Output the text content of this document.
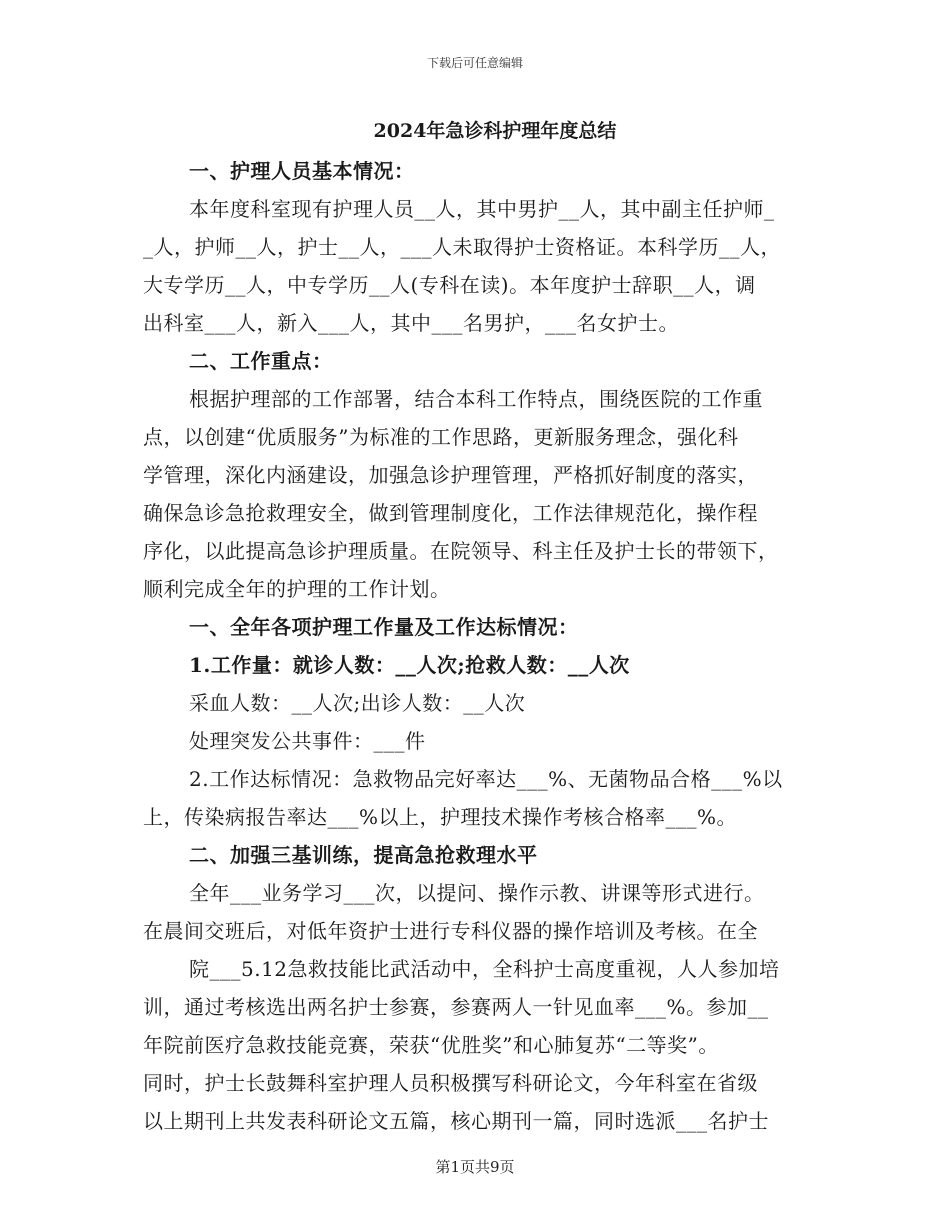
下载后可任意编辑
2024年急诊科护理年度总结
一、护理人员基本情况：
本年度科室现有护理人员__人，其中男护__人，其中副主任护师_
_人，护师__人，护士__人，___人未取得护士资格证。本科学历__人，
大专学历__人，中专学历__人(专科在读)。本年度护士辞职__人，调
出科室___人，新入___人，其中___名男护，___名女护士。
二、工作重点：
根据护理部的工作部署，结合本科工作特点，围绕医院的工作重
点，以创建“优质服务”为标准的工作思路，更新服务理念，强化科
学管理，深化内涵建设，加强急诊护理管理，严格抓好制度的落实，
确保急诊急抢救理安全，做到管理制度化，工作法律规范化，操作程
序化，以此提高急诊护理质量。在院领导、科主任及护士长的带领下，
顺利完成全年的护理的工作计划。
一、全年各项护理工作量及工作达标情况：
1.工作量：就诊人数：__人次;抢救人数：__人次
采血人数：__人次;出诊人数：__人次
处理突发公共事件：___件
2.工作达标情况：急救物品完好率达___%、无菌物品合格___%以
上，传染病报告率达___%以上，护理技术操作考核合格率___%。
二、加强三基训练，提高急抢救理水平
全年___业务学习___次，以提问、操作示教、讲课等形式进行。
在晨间交班后，对低年资护士进行专科仪器的操作培训及考核。在全
院___5.12急救技能比武活动中，全科护士高度重视，人人参加培
训，通过考核选出两名护士参赛，参赛两人一针见血率___%。参加__
年院前医疗急救技能竞赛，荣获“优胜奖”和心肺复苏“二等奖”。
同时，护士长鼓舞科室护理人员积极撰写科研论文，今年科室在省级
以上期刊上共发表科研论文五篇，核心期刊一篇，同时选派___名护士
第1页共9页
